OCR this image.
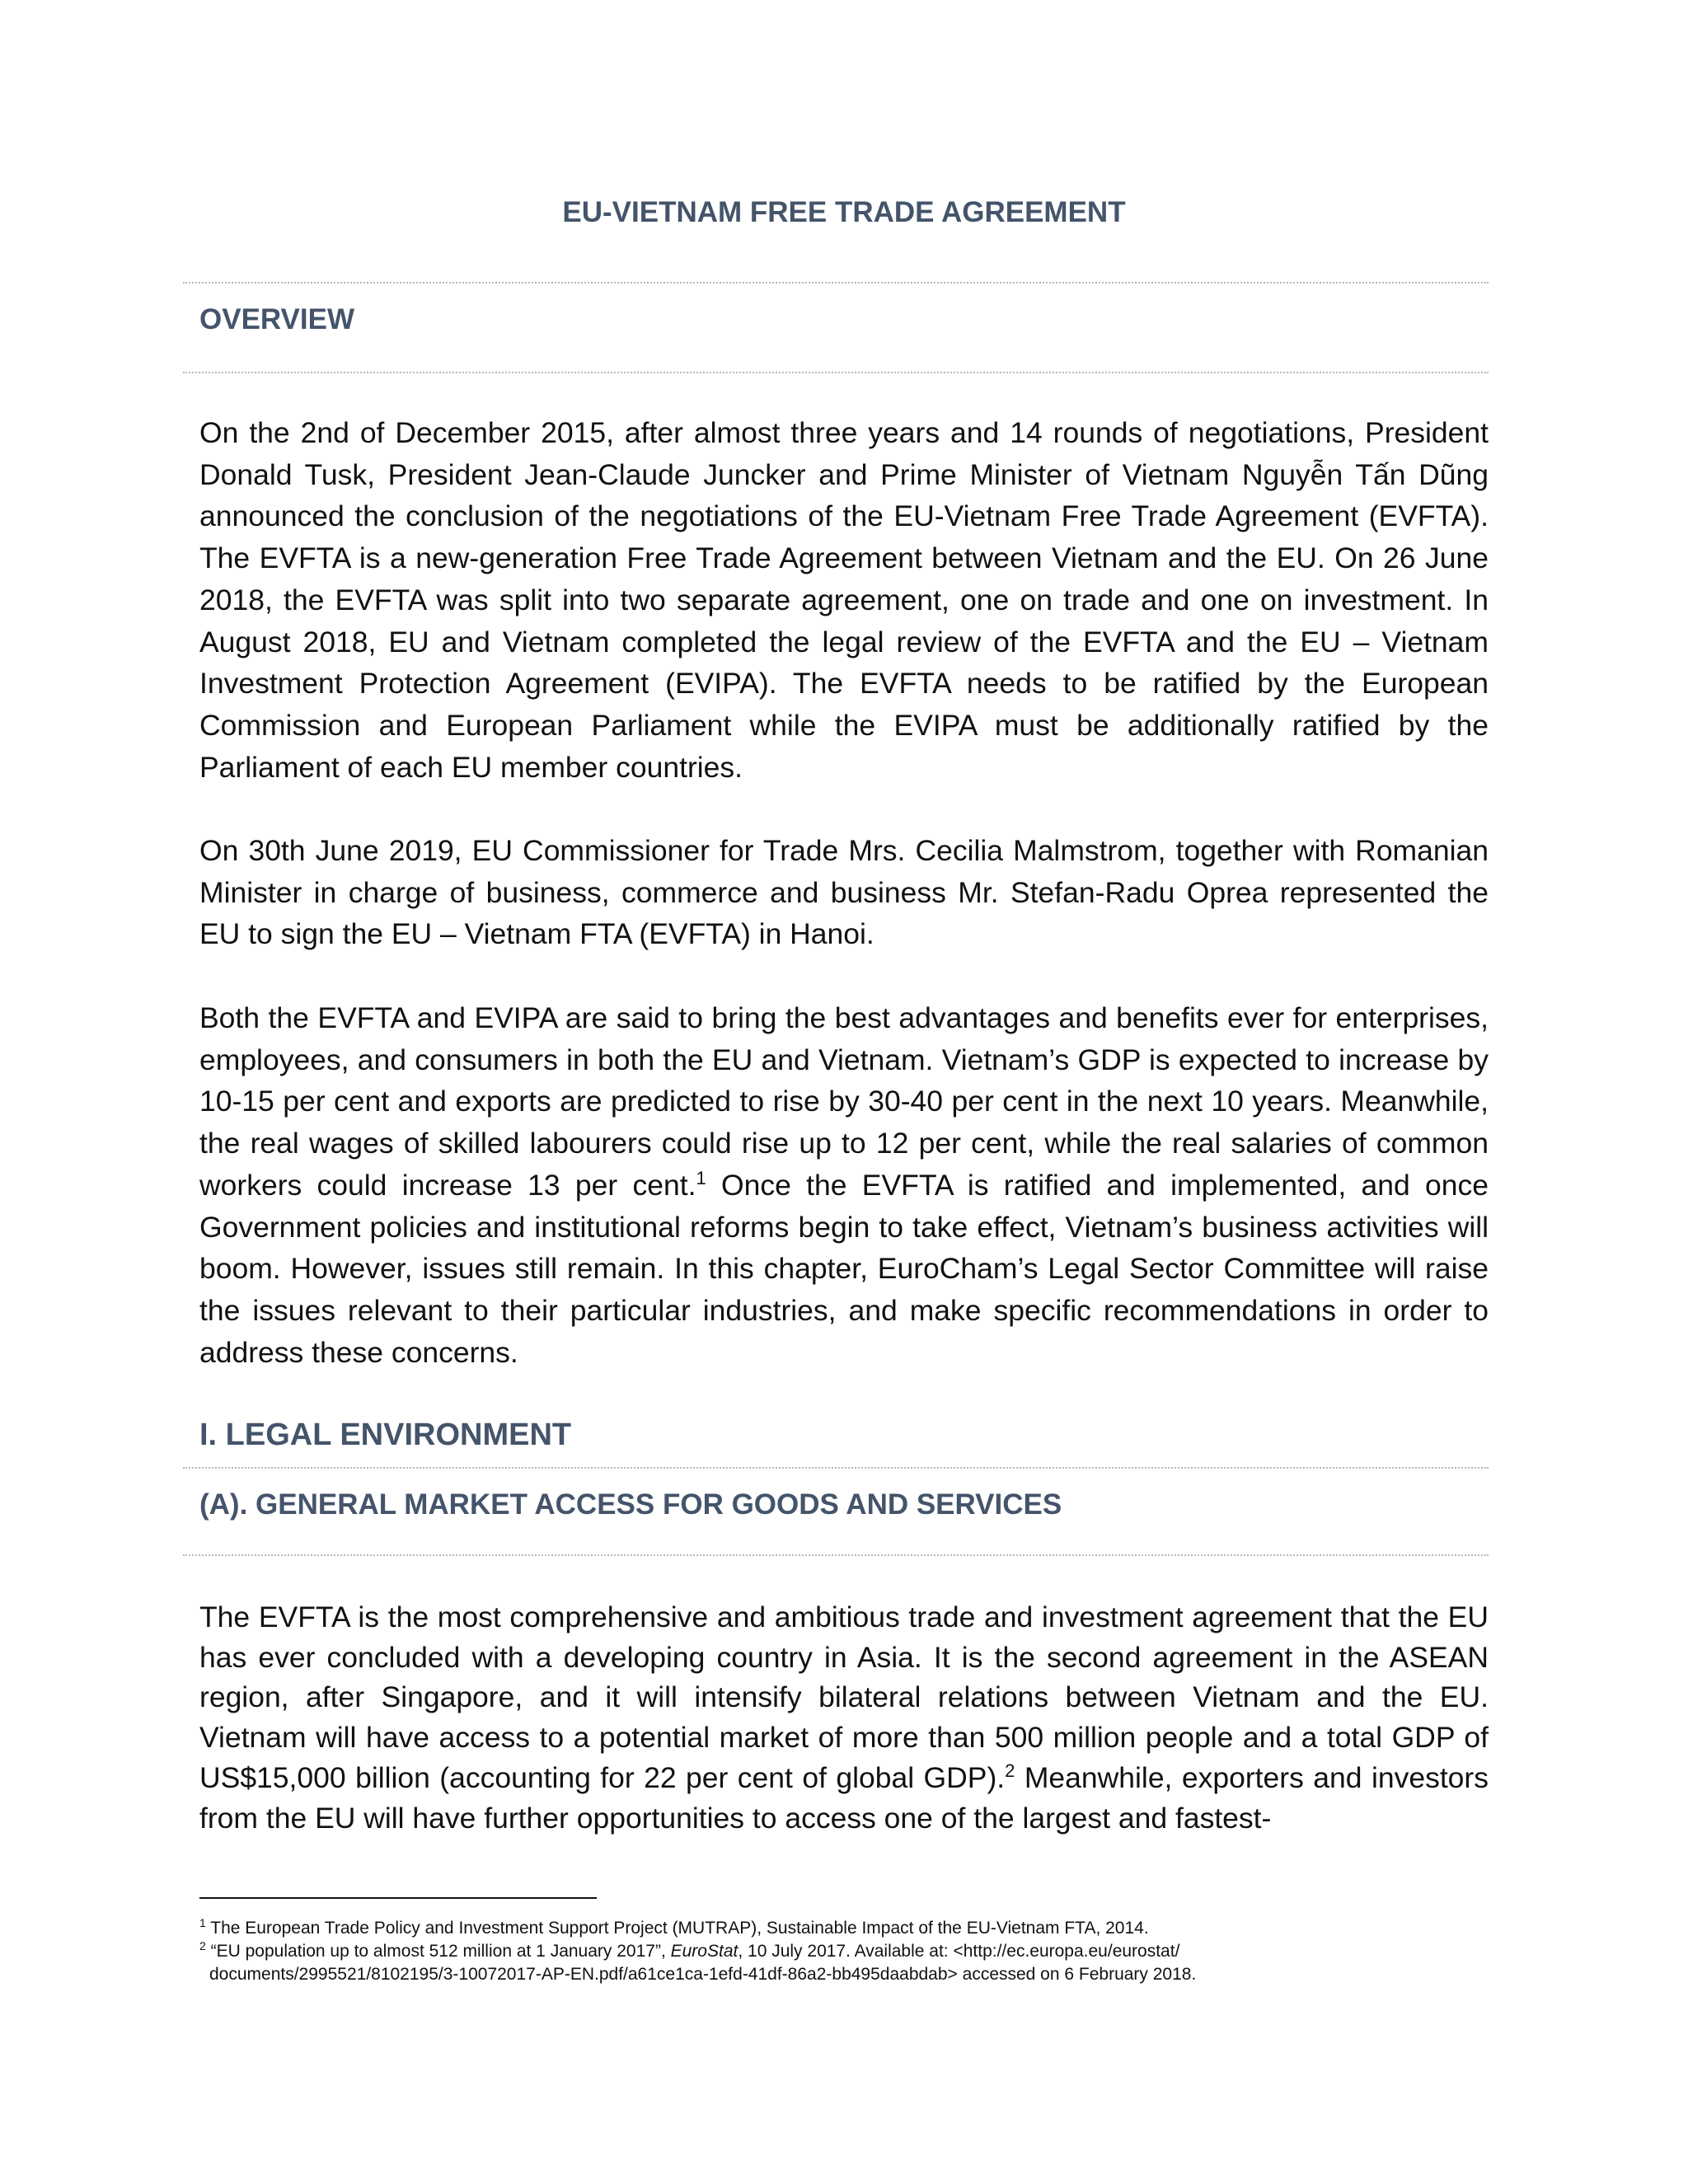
EU-VIETNAM FREE TRADE AGREEMENT
OVERVIEW

On the 2nd of December 2015, after almost three years and 14 rounds of negotiations, President Donald Tusk, President Jean-Claude Juncker and Prime Minister of Vietnam Nguyễn Tấn Dũng announced the conclusion of the negotiations of the EU-Vietnam Free Trade Agreement (EVFTA). The EVFTA is a new-generation Free Trade Agreement between Vietnam and the EU. On 26 June 2018, the EVFTA was split into two separate agreement, one on trade and one on investment. In August 2018, EU and Vietnam completed the legal review of the EVFTA and the EU – Vietnam Investment Protection Agreement (EVIPA). The EVFTA needs to be ratified by the European Commission and European Parliament while the EVIPA must be additionally ratified by the Parliament of each EU member countries.

On 30th June 2019, EU Commissioner for Trade Mrs. Cecilia Malmstrom, together with Romanian Minister in charge of business, commerce and business Mr. Stefan-Radu Oprea represented the EU to sign the EU – Vietnam FTA (EVFTA) in Hanoi.

Both the EVFTA and EVIPA are said to bring the best advantages and benefits ever for enterprises, employees, and consumers in both the EU and Vietnam. Vietnam’s GDP is expected to increase by 10-15 per cent and exports are predicted to rise by 30-40 per cent in the next 10 years. Meanwhile, the real wages of skilled labourers could rise up to 12 per cent, while the real salaries of common workers could increase 13 per cent.$^1$ Once the EVFTA is ratified and implemented, and once Government policies and institutional reforms begin to take effect, Vietnam’s business activities will boom. However, issues still remain. In this chapter, EuroCham’s Legal Sector Committee will raise the issues relevant to their particular industries, and make specific recommendations in order to address these concerns.

I. LEGAL ENVIRONMENT
(A). GENERAL MARKET ACCESS FOR GOODS AND SERVICES

The EVFTA is the most comprehensive and ambitious trade and investment agreement that the EU has ever concluded with a developing country in Asia. It is the second agreement in the ASEAN region, after Singapore, and it will intensify bilateral relations between Vietnam and the EU. Vietnam will have access to a potential market of more than 500 million people and a total GDP of US$15,000 billion (accounting for 22 per cent of global GDP).$^2$ Meanwhile, exporters and investors from the EU will have further opportunities to access one of the largest and fastest-

$^1$ The European Trade Policy and Investment Support Project (MUTRAP), Sustainable Impact of the EU-Vietnam FTA, 2014.

$^2$ “EU population up to almost 512 million at 1 January 2017”, EuroStat, 10 July 2017. Available at: <http://ec.europa.eu/eurostat/
documents/2995521/8102195/3-10072017-AP-EN.pdf/a61ce1ca-1efd-41df-86a2-bb495daabdab> accessed on 6 February 2018.
